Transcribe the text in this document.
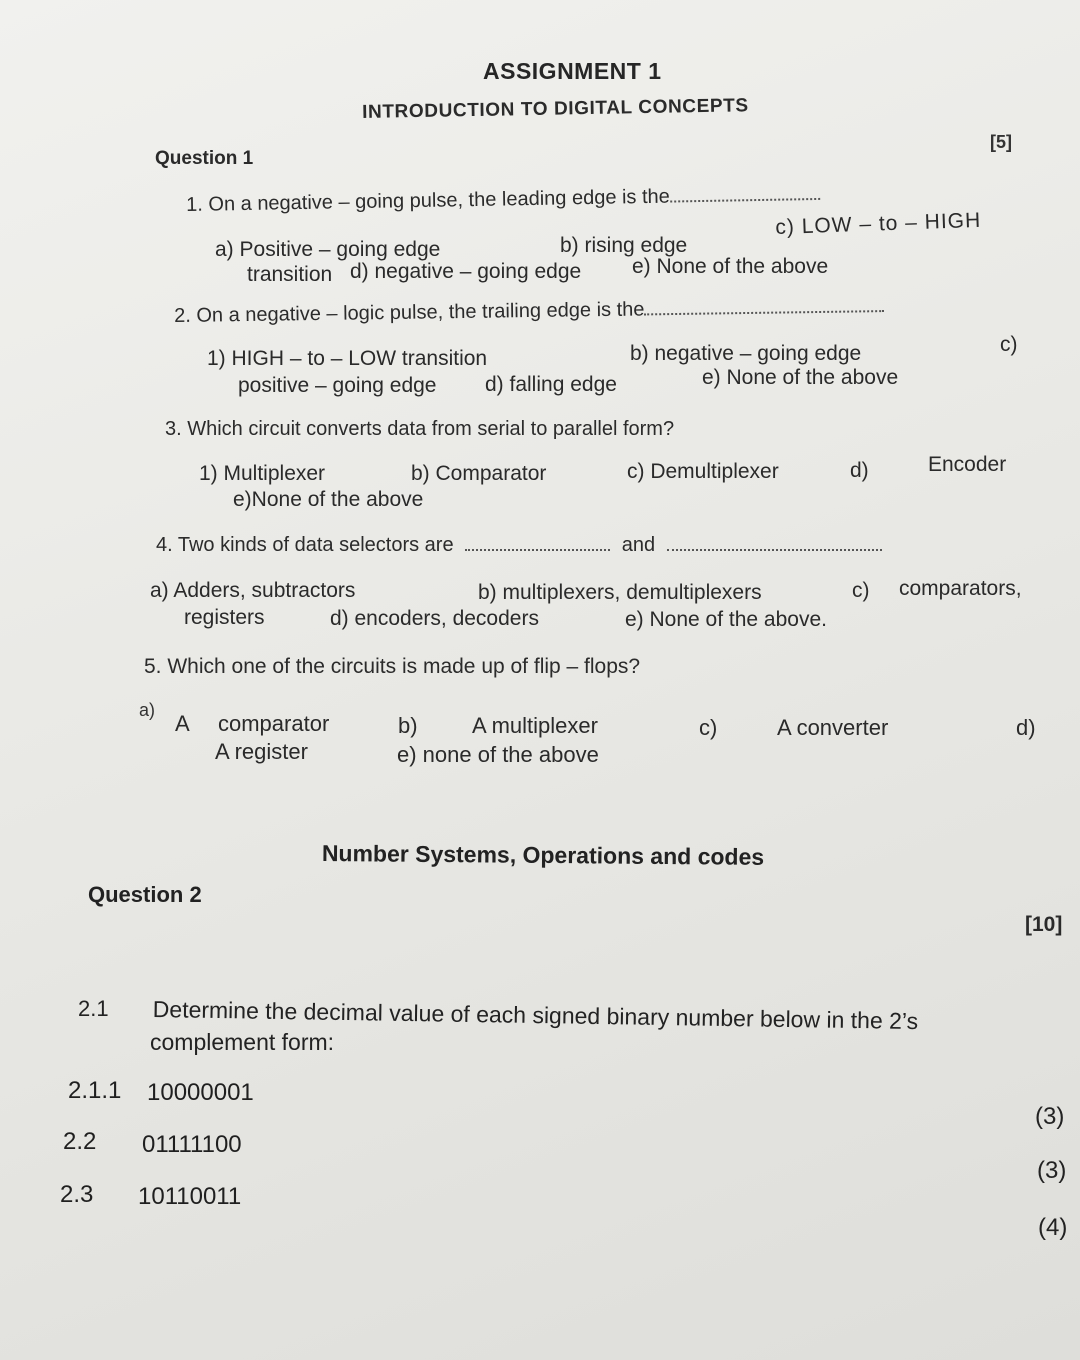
ASSIGNMENT 1
INTRODUCTION TO DIGITAL CONCEPTS
Question 1
[5]
1. On a negative – going pulse, the leading edge is the
a) Positive – going edge	b) rising edge
c) LOW – to – HIGH
transition d) negative – going edge e) None of the above
2. On a negative – logic pulse, the trailing edge is the
1) HIGH – to – LOW transition	b) negative – going edge	c)
positive – going edge d) falling edge	e) None of the above
3. Which circuit converts data from serial to parallel form?
1) Multiplexer	b) Comparator	c) Demultiplexer	d)	Encoder
e)None of the above
4. Two kinds of data selectors are	and
a) Adders, subtractors	b) multiplexers, demultiplexers	c) comparators,
registers	d) encoders, decoders	e) None of the above.
5. Which one of the circuits is made up of flip – flops?
a)
A comparator	b) A multiplexer	c)	A converter	d)
A register	e) none of the above
Number Systems, Operations and codes
Question 2
[10]
2.1 Determine the decimal value of each signed binary number below in the 2’s
complement form:
2.1.1 10000001
(3)
2.2 01111100
(3)
2.3 10110011
(4)
